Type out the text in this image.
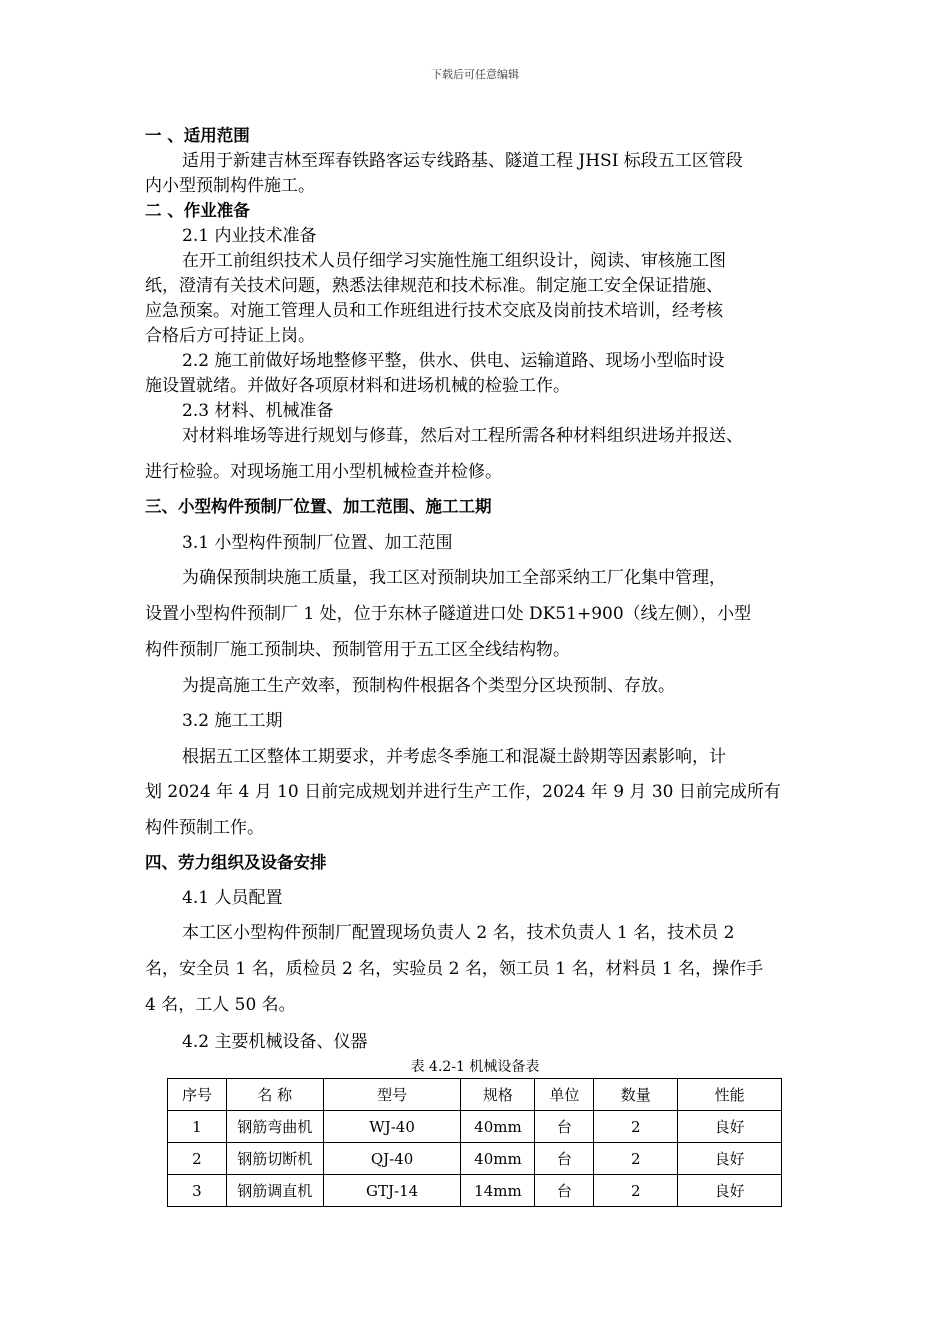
下载后可任意编辑
一 、适用范围
适用于新建吉林至珲春铁路客运专线路基、隧道工程 JHSI 标段五工区管段
内小型预制构件施工。
二 、作业准备
2.1 内业技术准备
在开工前组织技术人员仔细学习实施性施工组织设计，阅读、审核施工图
纸，澄清有关技术问题，熟悉法律规范和技术标准。制定施工安全保证措施、
应急预案。对施工管理人员和工作班组进行技术交底及岗前技术培训，经考核
合格后方可持证上岗。
2.2 施工前做好场地整修平整，供水、供电、运输道路、现场小型临时设
施设置就绪。并做好各项原材料和进场机械的检验工作。
2.3 材料、机械准备
对材料堆场等进行规划与修葺，然后对工程所需各种材料组织进场并报送、
进行检验。对现场施工用小型机械检查并检修。
三、小型构件预制厂位置、加工范围、施工工期
3.1 小型构件预制厂位置、加工范围
为确保预制块施工质量，我工区对预制块加工全部采纳工厂化集中管理，
设置小型构件预制厂 1 处，位于东林子隧道进口处 DK51+900（线左侧），小型
构件预制厂施工预制块、预制管用于五工区全线结构物。
为提高施工生产效率，预制构件根据各个类型分区块预制、存放。
3.2 施工工期
根据五工区整体工期要求，并考虑冬季施工和混凝土龄期等因素影响，计
划 2024 年 4 月 10 日前完成规划并进行生产工作，2024 年 9 月 30 日前完成所有
构件预制工作。
四、劳力组织及设备安排
4.1 人员配置
本工区小型构件预制厂配置现场负责人 2 名，技术负责人 1 名，技术员 2
名，安全员 1 名，质检员 2 名，实验员 2 名，领工员 1 名，材料员 1 名，操作手
4 名，工人 50 名。
4.2 主要机械设备、仪器
表 4.2-1 机械设备表
序号	名 称	型号	规格	单位	数量	性能
1	钢筋弯曲机	WJ-40	40mm	台	2	良好
2	钢筋切断机	QJ-40	40mm	台	2	良好
3	钢筋调直机	GTJ-14	14mm	台	2	良好
